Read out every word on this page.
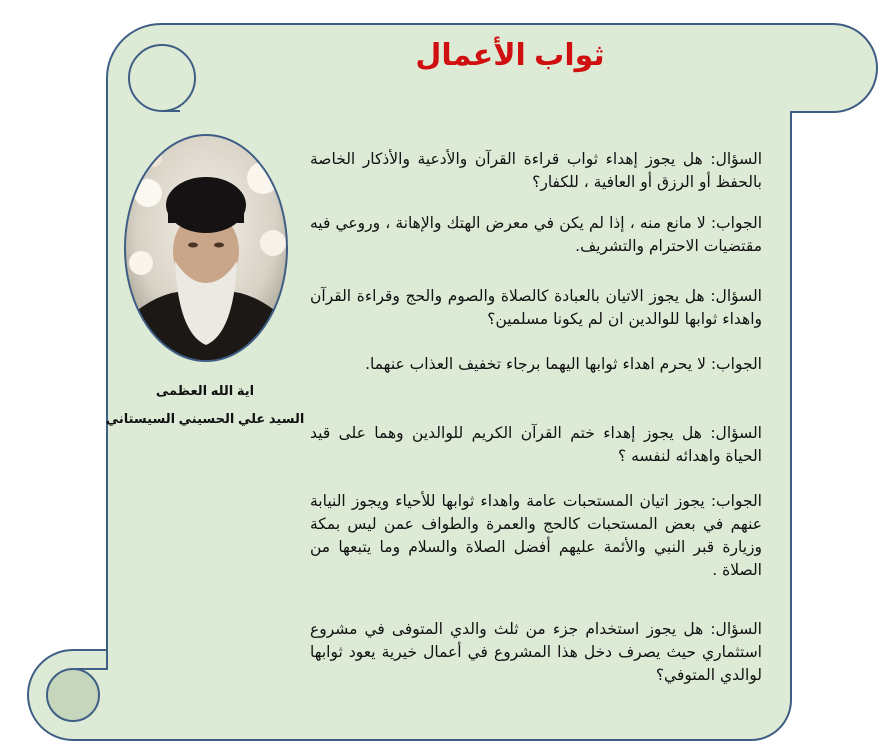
ثواب الأعمال
اية الله العظمى
السيد علي الحسيني السيستاني
السؤال: هل يجوز إهداء ثواب قراءة القرآن والأدعية والأذكار الخاصة بالحفظ أو الرزق أو العافية ، للكفار؟
الجواب: لا مانع منه ، إذا لم يكن في معرض الهتك والإهانة ، وروعي فيه مقتضيات الاحترام والتشريف.
السؤال: هل يجوز الاتيان بالعبادة كالصلاة والصوم والحج وقراءة القرآن واهداء ثوابها للوالدين ان لم يكونا مسلمين؟
الجواب: لا يحرم اهداء ثوابها اليهما برجاء تخفيف العذاب عنهما.
السؤال: هل يجوز إهداء ختم القرآن الكريم للوالدين وهما على قيد الحياة واهدائه لنفسه ؟
الجواب: يجوز اتيان المستحبات عامة واهداء ثوابها للأحياء ويجوز النيابة عنهم في بعض المستحبات كالحج والعمرة والطواف عمن ليس بمكة وزيارة قبر النبي والأئمة عليهم أفضل الصلاة والسلام وما يتبعها من الصلاة .
السؤال: هل يجوز استخدام جزء من ثلث والدي المتوفى في مشروع استثماري حيث يصرف دخل هذا المشروع في أعمال خيرية يعود ثوابها لوالدي المتوفي؟
